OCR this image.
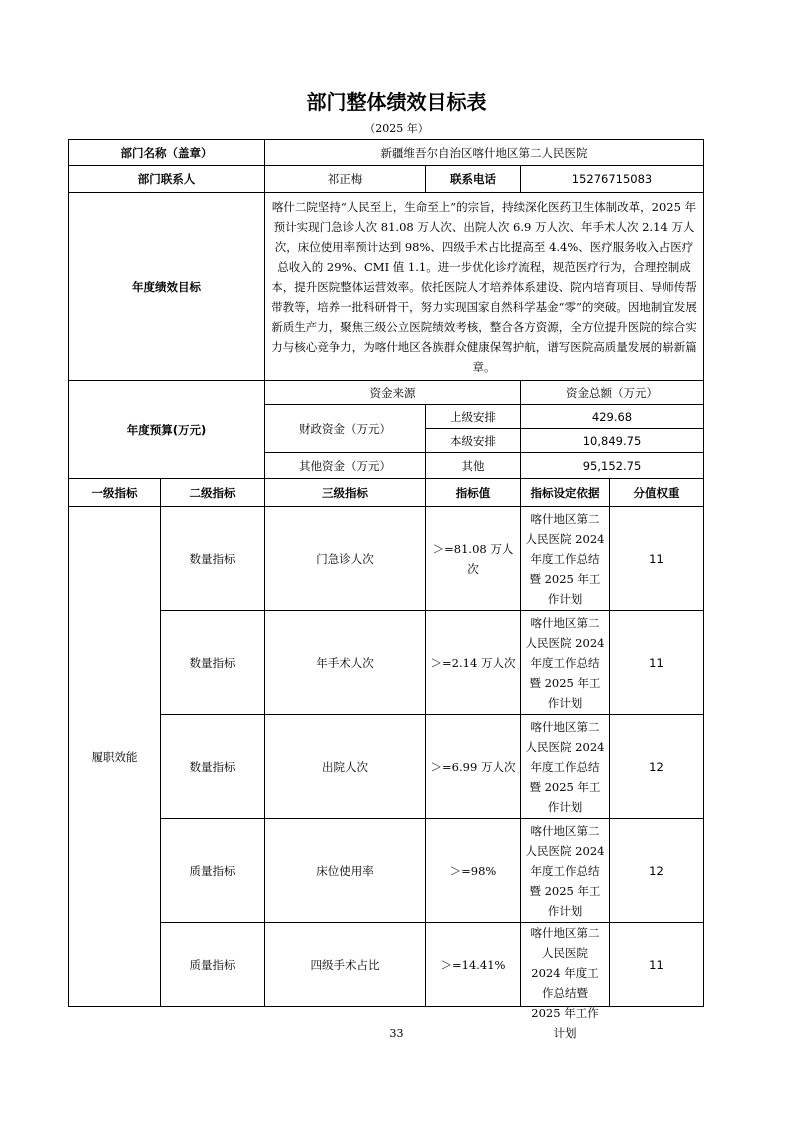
部门整体绩效目标表
（2025 年）
部门名称（盖章）		新疆维吾尔自治区喀什地区第二人民医院			
部门联系人		祁正梅	联系电话	15276715083	
年度绩效目标		喀什二院坚持“人民至上，生命至上”的宗旨，持续深化医药卫生体制改革，2025 年预计实现门急诊人次 81.08 万人次、出院人次 6.9 万人次、年手术人次 2.14 万人次，床位使用率预计达到 98%、四级手术占比提高至 4.4%、医疗服务收入占医疗总收入的 29%、CMI 值 1.1。进一步优化诊疗流程，规范医疗行为，合理控制成本，提升医院整体运营效率。依托医院人才培养体系建设、院内培育项目、导师传帮带教等，培养一批科研骨干，努力实现国家自然科学基金“零”的突破。因地制宜发展新质生产力，聚焦三级公立医院绩效考核，整合各方资源，全方位提升医院的综合实力与核心竞争力，为喀什地区各族群众健康保驾护航，谱写医院高质量发展的崭新篇章。			
年度预算(万元)		资金来源		资金总额（万元）	
		财政资金（万元）	上级安排	429.68	
			本级安排	10,849.75	
		其他资金（万元）	其他	95,152.75	
一级指标	二级指标	三级指标	指标值	指标设定依据	分值权重
履职效能	数量指标	门急诊人次	＞=81.08 万人次	喀什地区第二人民医院 2024 年度工作总结暨 2025 年工作计划	11
	数量指标	年手术人次	＞=2.14 万人次	喀什地区第二人民医院 2024 年度工作总结暨 2025 年工作计划	11
	数量指标	出院人次	＞=6.99 万人次	喀什地区第二人民医院 2024 年度工作总结暨 2025 年工作计划	12
	质量指标	床位使用率	＞=98%	喀什地区第二人民医院 2024 年度工作总结暨 2025 年工作计划	12
	质量指标	四级手术占比	＞=14.41%	喀什地区第二人民医院 2024 年度工作总结暨 2025 年工作计划	11
33
